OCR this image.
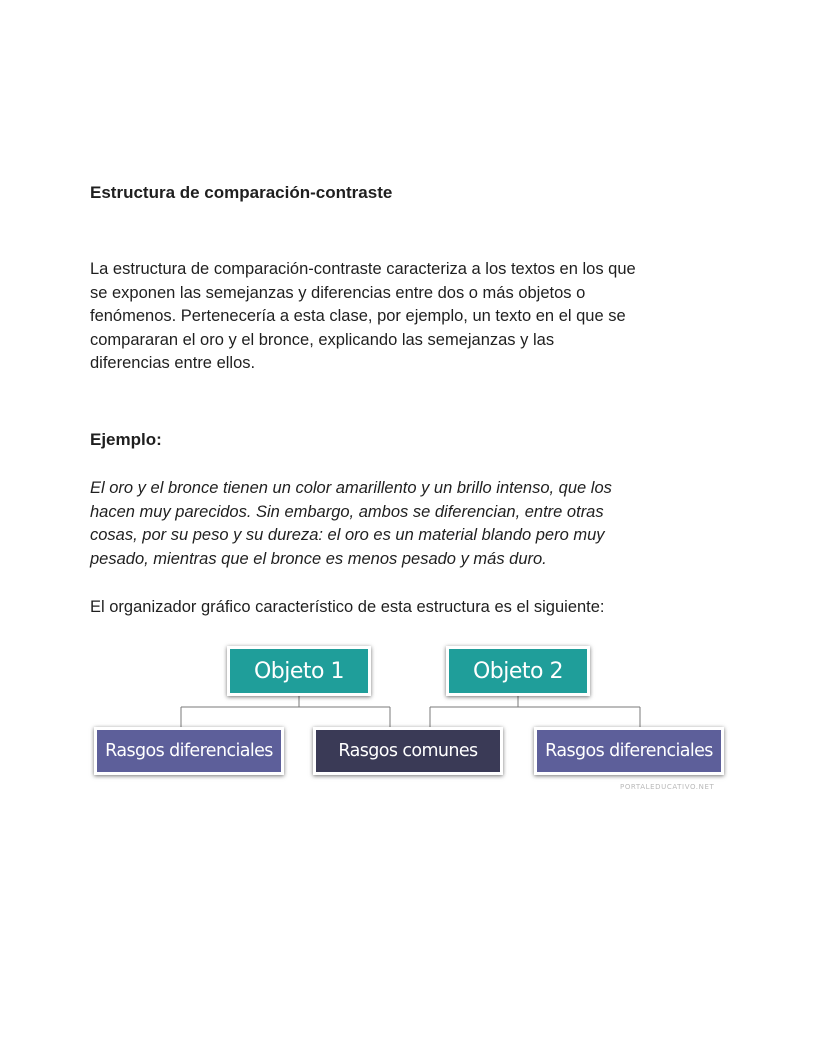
Estructura de comparación-contraste

La estructura de comparación-contraste caracteriza a los textos en los que
se exponen las semejanzas y diferencias entre dos o más objetos o
fenómenos. Pertenecería a esta clase, por ejemplo, un texto en el que se
compararan el oro y el bronce, explicando las semejanzas y las
diferencias entre ellos.

Ejemplo:

El oro y el bronce tienen un color amarillento y un brillo intenso, que los
hacen muy parecidos. Sin embargo, ambos se diferencian, entre otras
cosas, por su peso y su dureza: el oro es un material blando pero muy
pesado, mientras que el bronce es menos pesado y más duro.

El organizador gráfico característico de esta estructura es el siguiente:

Objeto 1	Objeto 2
Rasgos diferenciales	Rasgos comunes	Rasgos diferenciales
PORTALEDUCATIVO.NET
